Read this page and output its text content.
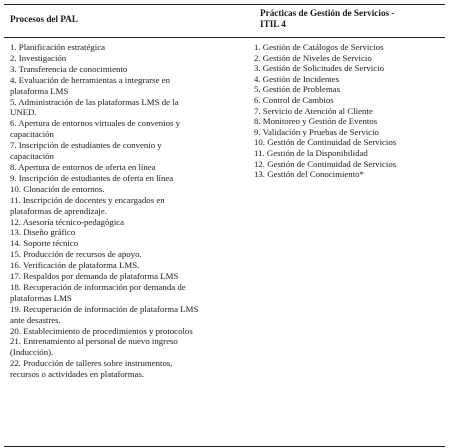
Procesos del PAL
Prácticas de Gestión de Servicios -
ITIL 4
1. Planificación estratégica
2. Investigación
3. Transferencia de conocimiento
4. Evaluación de herramientas a integrarse en
plataforma LMS
5. Administración de las plataformas LMS de la
UNED.
6. Apertura de entornos virtuales de convenios y
capacitación
7. Inscripción de estudiantes de convenio y
capacitación
8. Apertura de entornos de oferta en línea
9. Inscripción de estudiantes de oferta en línea
10. Clonación de entornos.
11. Inscripción de docentes y encargados en
plataformas de aprendizaje.
12. Asesoría técnico-pedagógica
13. Diseño gráfico
14. Soporte técnico
15. Producción de recursos de apoyo.
16. Verificación de plataforma LMS.
17. Respaldos por demanda de plataforma LMS
18. Recuperación de información por demanda de
plataformas LMS
19. Recuperación de información de plataforma LMS
ante desastres.
20. Establecimiento de procedimientos y protocolos
21. Entrenamiento al personal de nuevo ingreso
(Inducción).
22. Producción de talleres sobre instrumentos,
recursos o actividades en plataformas.
1. Gestión de Catálogos de Servicios
2. Gestión de Niveles de Servicio
3. Gestión de Solicitudes de Servicio
4. Gestión de Incidentes
5. Gestión de Problemas
6. Control de Cambios
7. Servicio de Atención al Cliente
8. Monitoreo y Gestión de Eventos
9. Validación y Pruebas de Servicio
10. Gestión de Continuidad de Servicios
11. Gestión de la Disponibilidad
12. Gestión de Continuidad de Servicios
13. Gestión del Conocimiento*
